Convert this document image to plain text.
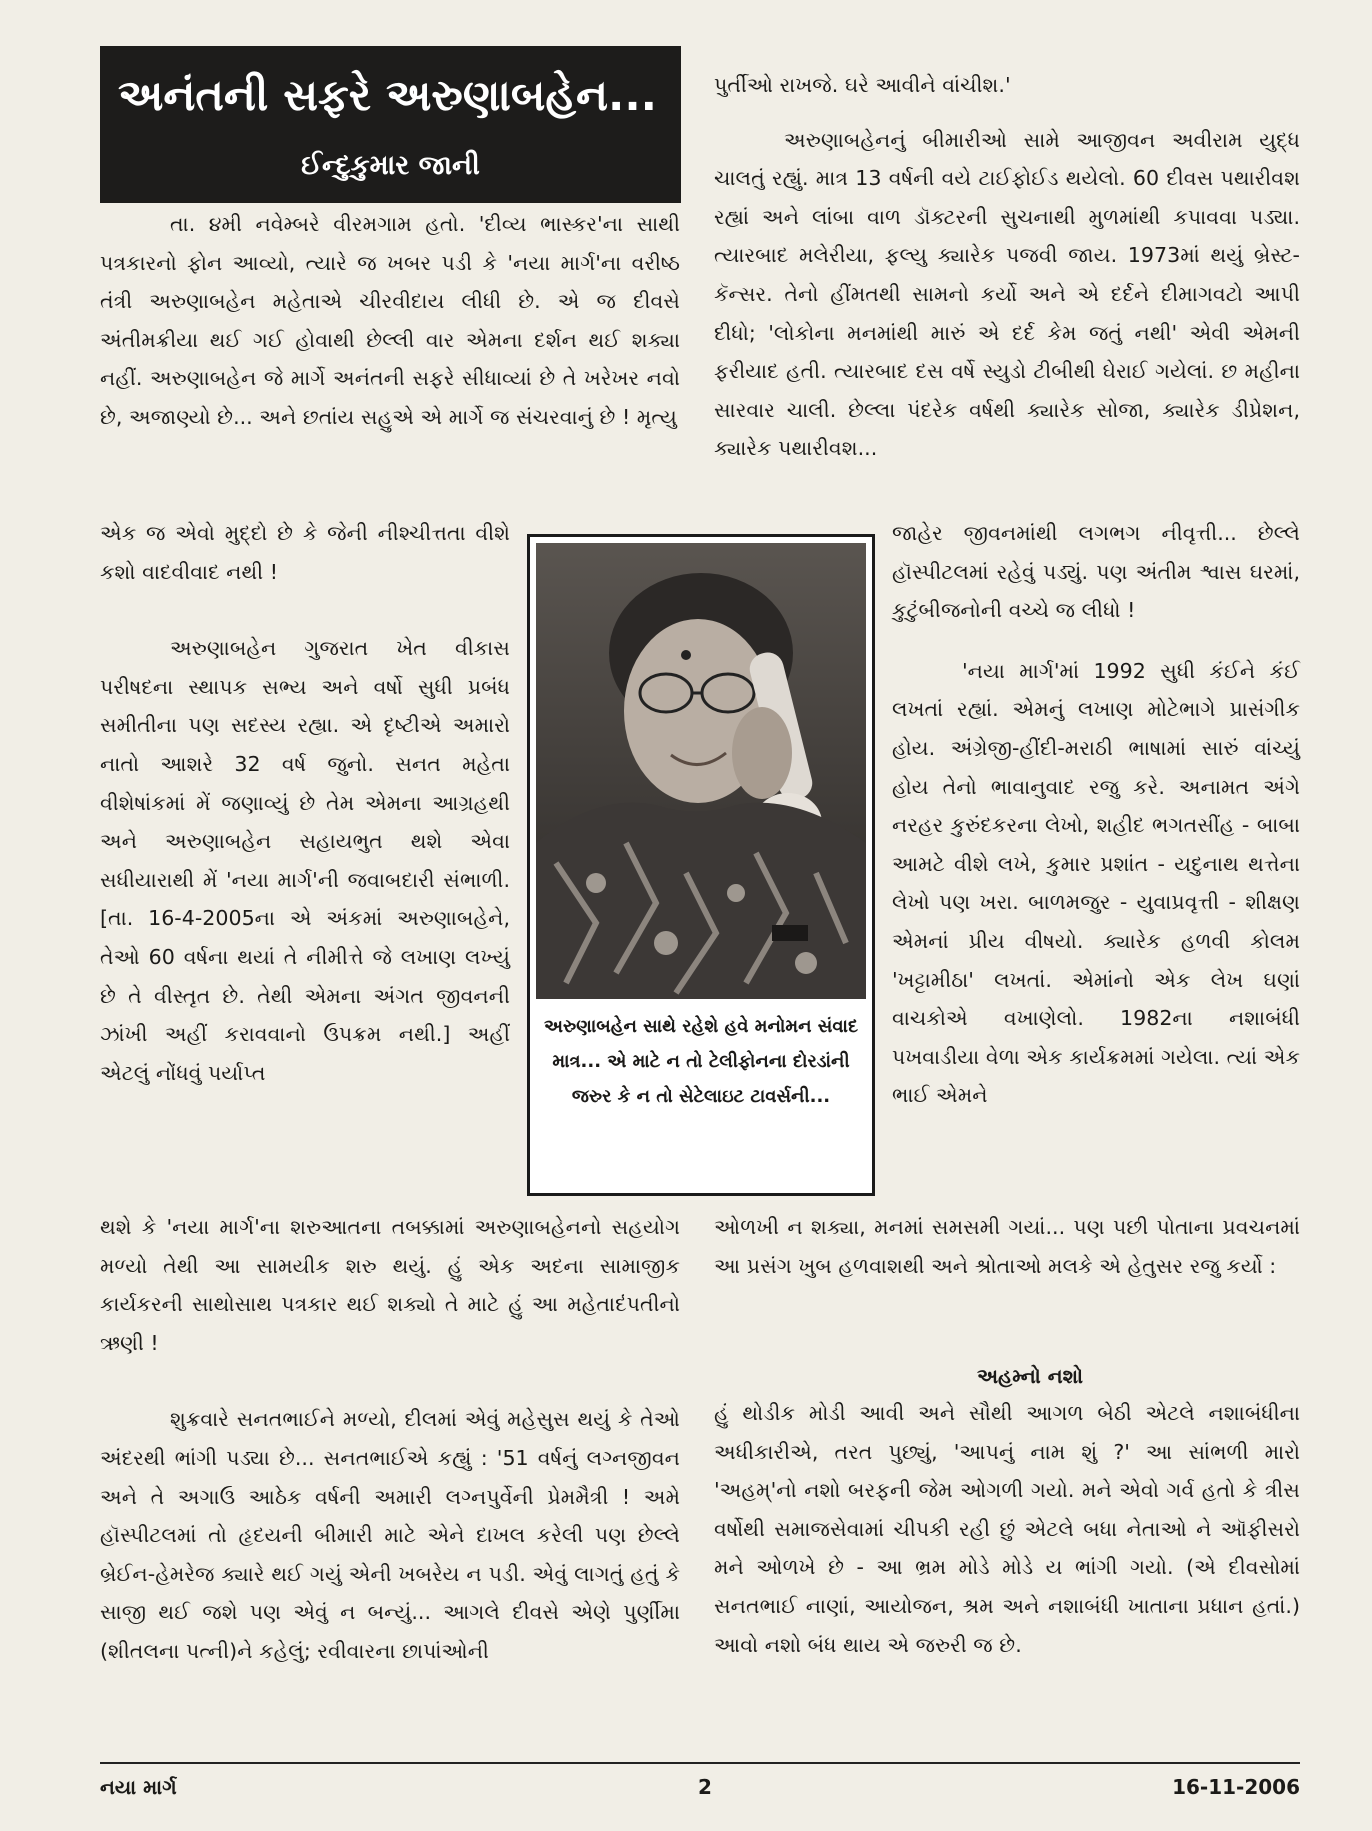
અનંતની સફરે અરુણાબહેન...
ઈન્દુકુમાર જાની

તા. ૪મી નવેમ્બરે વીરમગામ હતો. 'દીવ્ય ભાસ્કર'ના સાથી પત્રકારનો ફોન આવ્યો, ત્યારે જ ખબર પડી કે 'નયા માર્ગ'ના વરીષ્ઠ તંત્રી અરુણાબહેન મહેતાએ ચીરવીદાય લીધી છે. એ જ દીવસે અંતીમક્રીયા થઈ ગઈ હોવાથી છેલ્લી વાર એમના દર્શન થઈ શક્યા નહીં. અરુણાબહેન જે માર્ગે અનંતની સફરે સીધાવ્યાં છે તે ખરેખર નવો છે, અજાણ્યો છે... અને છતાંય સહુએ એ માર્ગે જ સંચરવાનું છે ! મૃત્યુ

એક જ એવો મુદ્દો છે કે જેની નીશ્ચીત્તતા વીશે કશો વાદવીવાદ નથી !

અરુણાબહેન ગુજરાત ખેત વીકાસ પરીષદના સ્થાપક સભ્ય અને વર્ષો સુધી પ્રબંધ સમીતીના પણ સદસ્ય રહ્યા. એ દૃષ્ટીએ અમારો નાતો આશરે 32 વર્ષ જુનો. સનત મહેતા વીશેષાંકમાં મેં જણાવ્યું છે તેમ એમના આગ્રહથી અને અરુણાબહેન સહાયભુત થશે એવા સધીયારાથી મેં 'નયા માર્ગ'ની જવાબદારી સંભાળી. [તા. 16-4-2005ના એ અંકમાં અરુણાબહેને, તેઓ 60 વર્ષના થયાં તે નીમીત્તે જે લખાણ લખ્યું છે તે વીસ્તૃત છે. તેથી એમના અંગત જીવનની ઝાંખી અહીં કરાવવાનો ઉપક્રમ નથી.] અહીં એટલું નોંધવું પર્યાપ્ત

થશે કે 'નયા માર્ગ'ના શરુઆતના તબક્કામાં અરુણાબહેનનો સહયોગ મળ્યો તેથી આ સામયીક શરુ થયું. હું એક અદના સામાજીક કાર્યકરની સાથોસાથ પત્રકાર થઈ શક્યો તે માટે હું આ મહેતાદંપતીનો ઋણી !

શુક્રવારે સનતભાઈને મળ્યો, દીલમાં એવું મહેસુસ થયું કે તેઓ અંદરથી ભાંગી પડ્યા છે... સનતભાઈએ કહ્યું : '51 વર્ષનું લગ્નજીવન અને તે અગાઉ આઠેક વર્ષની અમારી લગ્નપુર્વેની પ્રેમમૈત્રી ! અમે હૉસ્પીટલમાં તો હૃદયની બીમારી માટે એને દાખલ કરેલી પણ છેલ્લે બ્રેઈન-હેમરેજ ક્યારે થઈ ગયું એની ખબરેય ન પડી. એવું લાગતું હતું કે સાજી થઈ જશે પણ એવું ન બન્યું... આગલે દીવસે એણે પુર્ણીમા (શીતલના પત્ની)ને કહેલું; રવીવારના છાપાંઓની

પુર્તીઓ રાખજે. ઘરે આવીને વાંચીશ.'

અરુણાબહેનનું બીમારીઓ સામે આજીવન અવીરામ યુદ્ધ ચાલતું રહ્યું. માત્ર 13 વર્ષની વયે ટાઈફોઈડ થયેલો. 60 દીવસ પથારીવશ રહ્યાં અને લાંબા વાળ ડૉક્ટરની સુચનાથી મુળમાંથી કપાવવા પડ્યા. ત્યારબાદ મલેરીયા, ફલ્યુ ક્યારેક પજવી જાય. 1973માં થયું બ્રેસ્ટ-કૅન્સર. તેનો હીંમતથી સામનો કર્યો અને એ દર્દને દીમાગવટો આપી દીધો; 'લોકોના મનમાંથી મારું એ દર્દ કેમ જતું નથી' એવી એમની ફરીયાદ હતી. ત્યારબાદ દસ વર્ષે સ્યુડો ટીબીથી ઘેરાઈ ગયેલાં. છ મહીના સારવાર ચાલી. છેલ્લા પંદરેક વર્ષથી ક્યારેક સોજા, ક્યારેક ડીપ્રેશન, ક્યારેક પથારીવશ...

જાહેર જીવનમાંથી લગભગ નીવૃત્તી... છેલ્લે હૉસ્પીટલમાં રહેવું પડ્યું. પણ અંતીમ શ્વાસ ઘરમાં, કુટુંબીજનોની વચ્ચે જ લીધો !

'નયા માર્ગ'માં 1992 સુધી કંઈને કંઈ લખતાં રહ્યાં. એમનું લખાણ મોટેભાગે પ્રાસંગીક હોય. અંગ્રેજી-હીંદી-મરાઠી ભાષામાં સારું વાંચ્યું હોય તેનો ભાવાનુવાદ રજુ કરે. અનામત અંગે નરહર કુરુંદકરના લેખો, શહીદ ભગતસીંહ - બાબા આમટે વીશે લખે, કુમાર પ્રશાંત - યદુનાથ થત્તેના લેખો પણ ખરા. બાળમજુર - યુવાપ્રવૃત્તી - શીક્ષણ એમનાં પ્રીય વીષયો. ક્યારેક હળવી કોલમ 'ખટ્ટામીઠા' લખતાં. એમાંનો એક લેખ ઘણાં વાચકોએ વખાણેલો. 1982ના નશાબંધી પખવાડીયા વેળા એક કાર્યક્રમમાં ગયેલા. ત્યાં એક ભાઈ એમને

ઓળખી ન શક્યા, મનમાં સમસમી ગયાં... પણ પછી પોતાના પ્રવચનમાં આ પ્રસંગ ખુબ હળવાશથી અને શ્રોતાઓ મલકે એ હેતુસર રજુ કર્યો :

અહમ્નો નશો

હું થોડીક મોડી આવી અને સૌથી આગળ બેઠી એટલે નશાબંધીના અધીકારીએ, તરત પુછ્યું, 'આપનું નામ શું ?' આ સાંભળી મારો 'અહમ્'નો નશો બરફની જેમ ઓગળી ગયો. મને એવો ગર્વ હતો કે ત્રીસ વર્ષોથી સમાજસેવામાં ચીપકી રહી છું એટલે બધા નેતાઓ ને ઑફીસરો મને ઓળખે છે - આ ભ્રમ મોડે મોડે ય ભાંગી ગયો. (એ દીવસોમાં સનતભાઈ નાણાં, આયોજન, શ્રમ અને નશાબંધી ખાતાના પ્રધાન હતાં.) આવો નશો બંધ થાય એ જરુરી જ છે.

અરુણાબહેન સાથે રહેશે હવે મનોમન સંવાદ માત્ર... એ માટે ન તો ટેલીફોનના દોરડાંની જરુર કે ન તો સેટેલાઇટ ટાવર્સની...
નયા માર્ગ	2	16-11-2006
